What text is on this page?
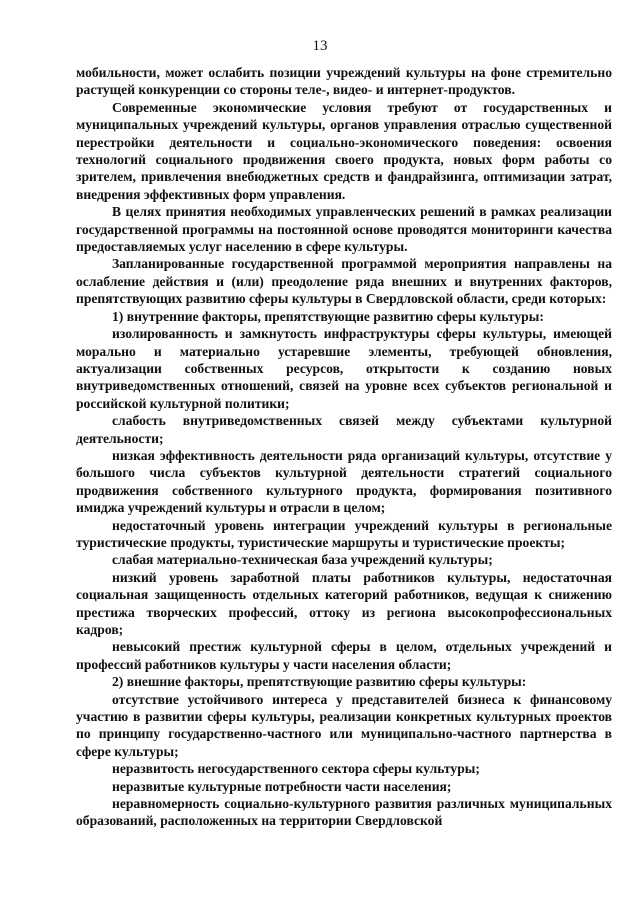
13

мобильности, может ослабить позиции учреждений культуры на фоне стремительно растущей конкуренции со стороны теле-, видео- и интернет-продуктов.

Современные экономические условия требуют от государственных и муниципальных учреждений культуры, органов управления отраслью существенной перестройки деятельности и социально-экономического поведения: освоения технологий социального продвижения своего продукта, новых форм работы со зрителем, привлечения внебюджетных средств и фандрайзинга, оптимизации затрат, внедрения эффективных форм управления.

В целях принятия необходимых управленческих решений в рамках реализации государственной программы на постоянной основе проводятся мониторинги качества предоставляемых услуг населению в сфере культуры.

Запланированные государственной программой мероприятия направлены на ослабление действия и (или) преодоление ряда внешних и внутренних факторов, препятствующих развитию сферы культуры в Свердловской области, среди которых:

1) внутренние факторы, препятствующие развитию сферы культуры:

изолированность и замкнутость инфраструктуры сферы культуры, имеющей морально и материально устаревшие элементы, требующей обновления, актуализации собственных ресурсов, открытости к созданию новых внутриведомственных отношений, связей на уровне всех субъектов региональной и российской культурной политики;

слабость внутриведомственных связей между субъектами культурной деятельности;

низкая эффективность деятельности ряда организаций культуры, отсутствие у большого числа субъектов культурной деятельности стратегий социального продвижения собственного культурного продукта, формирования позитивного имиджа учреждений культуры и отрасли в целом;

недостаточный уровень интеграции учреждений культуры в региональные туристические продукты, туристические маршруты и туристические проекты;

слабая материально-техническая база учреждений культуры;

низкий уровень заработной платы работников культуры, недостаточная социальная защищенность отдельных категорий работников, ведущая к снижению престижа творческих профессий, оттоку из региона высокопрофессиональных кадров;

невысокий престиж культурной сферы в целом, отдельных учреждений и профессий работников культуры у части населения области;

2) внешние факторы, препятствующие развитию сферы культуры:

отсутствие устойчивого интереса у представителей бизнеса к финансовому участию в развитии сферы культуры, реализации конкретных культурных проектов по принципу государственно-частного или муниципально-частного партнерства в сфере культуры;

неразвитость негосударственного сектора сферы культуры;

неразвитые культурные потребности части населения;

неравномерность социально-культурного развития различных муниципальных образований, расположенных на территории Свердловской
